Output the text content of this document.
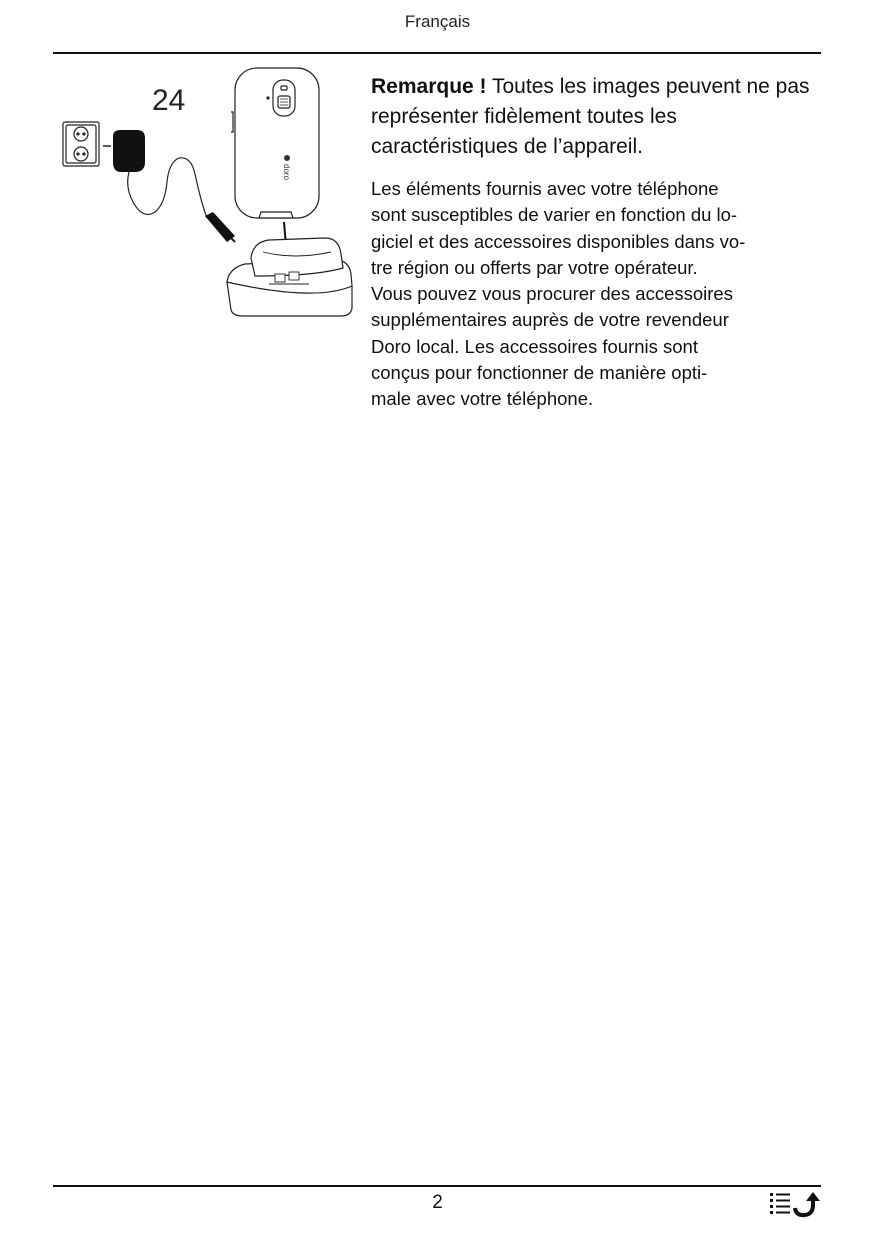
Français
doro
24	Remarque ! Toutes les images peuvent ne pas représenter fidèlement toutes les caractéristiques de l’appareil.

Les éléments fournis avec votre téléphone
sont susceptibles de varier en fonction du lo-
giciel et des accessoires disponibles dans vo-
tre région ou offerts par votre opérateur.
Vous pouvez vous procurer des accessoires
supplémentaires auprès de votre revendeur
Doro local. Les accessoires fournis sont
conçus pour fonctionner de manière opti-
male avec votre téléphone.

2
